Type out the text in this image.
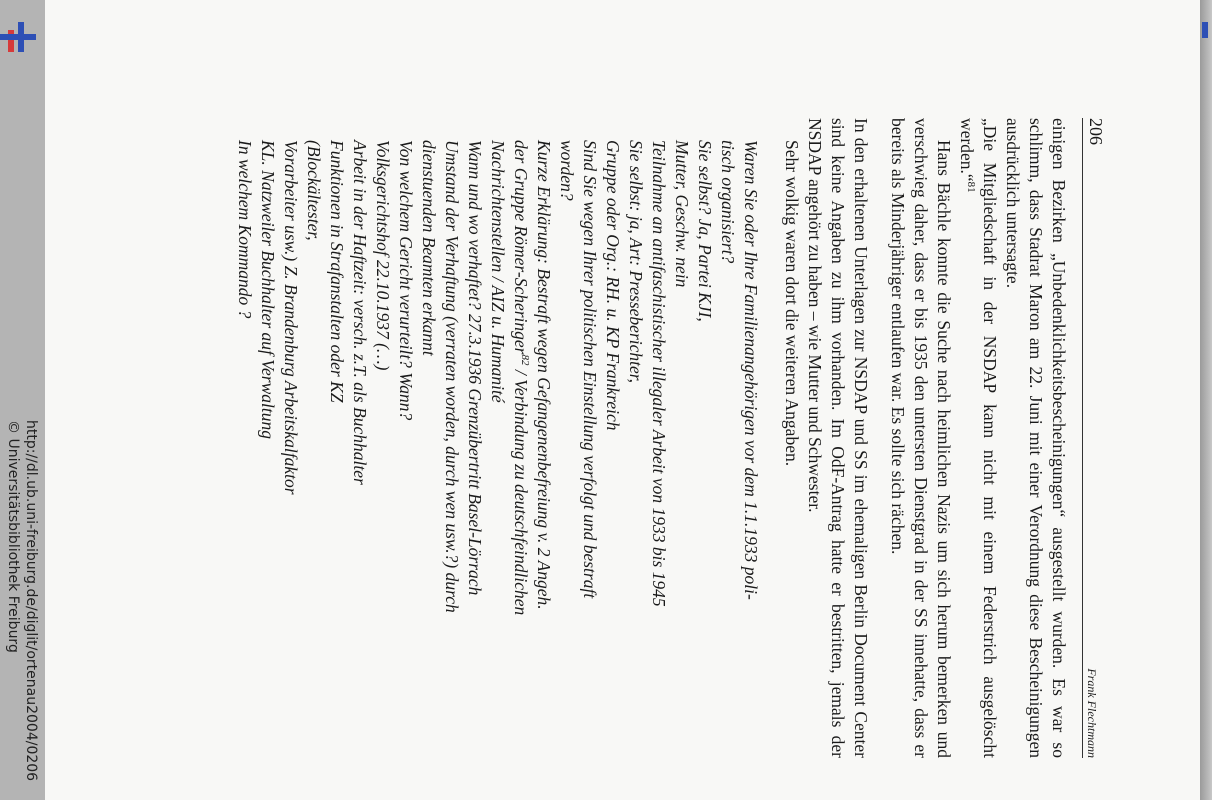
http://dl.ub.uni-freiburg.de/diglit/ortenau2004/0206
© Universitätsbibliothek Freiburg
206
Frank Flechtmann

einigen Bezirken „Unbedenklichkeitsbescheinigungen“ ausgestellt wurden. Es war so schlimm, dass Stadrat Maron am 22. Juni mit einer Verordnung diese Bescheinigungen ausdrücklich untersagte.

„Die Mitgliedschaft in der NSDAP kann nicht mit einem Federstrich ausgelöscht werden.“$^{81}$

Hans Bächle konnte die Suche nach heimlichen Nazis um sich herum bemerken und verschwieg daher, dass er bis 1935 den untersten Dienstgrad in der SS innehatte, dass er bereits als Minderjähriger entlaufen war. Es sollte sich rächen.

In den erhaltenen Unterlagen zur NSDAP und SS im ehemaligen Berlin Document Center sind keine Angaben zu ihm vorhanden. Im OdF-Antrag hatte er bestritten, jemals der NSDAP angehört zu haben – wie Mutter und Schwester.

Sehr wolkig waren dort die weiteren Angaben.

Waren Sie oder Ihre Familienangehörigen vor dem 1.1.1933 poli-
tisch organisiert?
Sie selbst? Ja, Partei KJI,
Mutter, Geschw. nein
Teilnahme an antifaschistischer illegaler Arbeit von 1933 bis 1945
Sie selbst: ja, Art: Presseberichter,
Gruppe oder Org.: RH. u. KP Frankreich
Sind Sie wegen Ihrer politischen Einstellung verfolgt und bestraft
worden?
Kurze Erklärung: Bestraft wegen Gefangenenbefreiung v. 2 Angeh.
der Gruppe Römer-Scheringer$^{82}$ / Verbindung zu deutschfeindlichen
Nachrichtenstellen / AIZ u. Humanité
Wann und wo verhaftet? 27.3.1936 Grenzübertritt Basel-Lörrach
Umstand der Verhaftung (verraten worden, durch wen usw.?) durch
dienstuenden Beamten erkannt
Von welchem Gericht verurteilt? Wann?
Volksgerichtshof 22.10.1937 (…)
Arbeit in der Haftzeit: versch. z.T. als Buchhalter
Funktionen in Strafanstalten oder KZ
(Blockältester,
Vorarbeiter usw.) Z. Brandenburg Arbeitskalfaktor
KL. Natzweiler Buchhalter auf Verwaltung
In welchem Kommando ?
